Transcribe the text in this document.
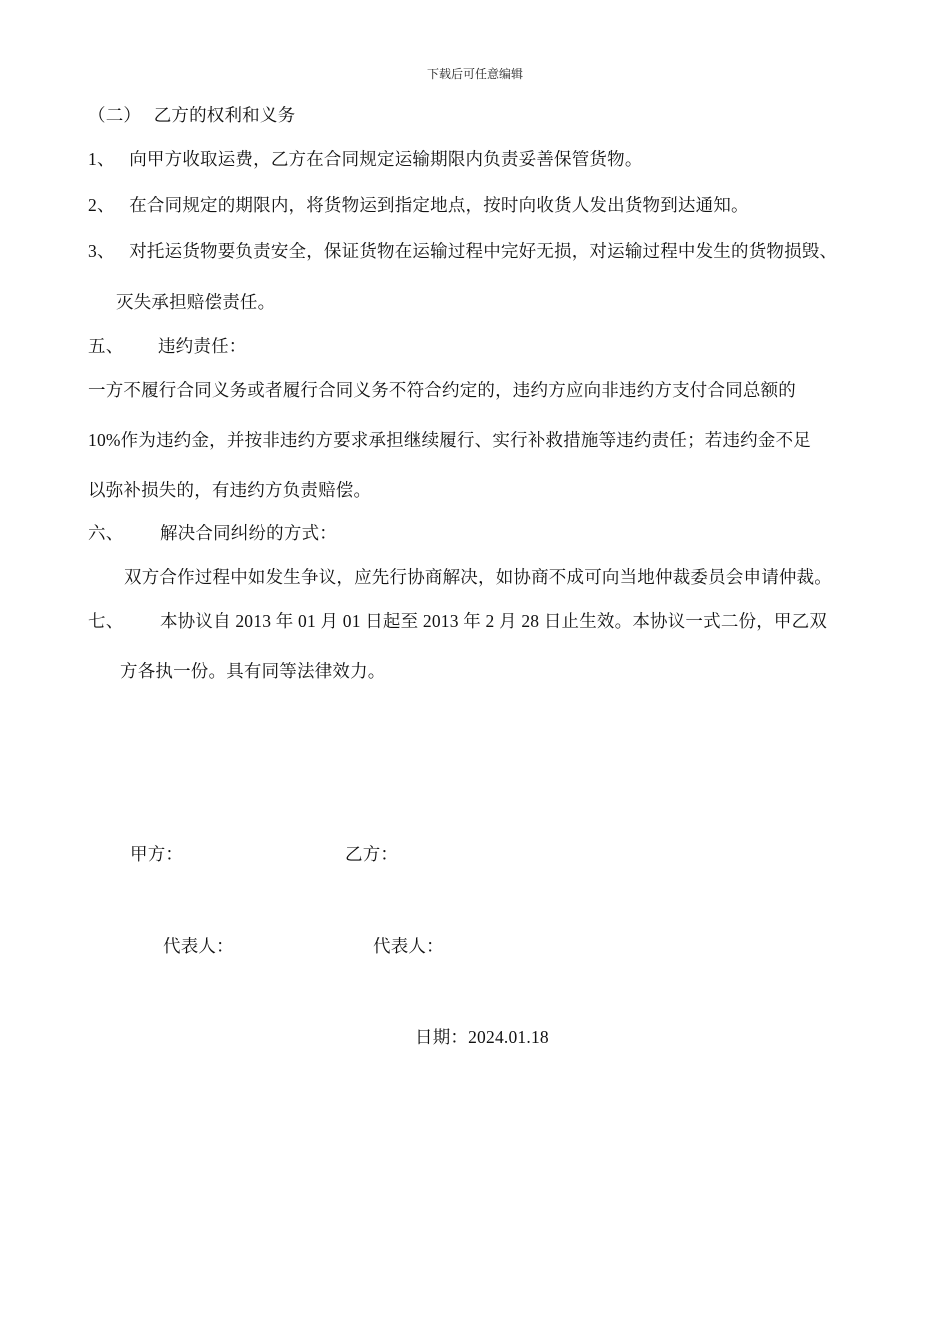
下载后可任意编辑
（二） 乙方的权利和义务
1、 向甲方收取运费，乙方在合同规定运输期限内负责妥善保管货物。
2、 在合同规定的期限内，将货物运到指定地点，按时向收货人发出货物到达通知。
3、 对托运货物要负责安全，保证货物在运输过程中完好无损，对运输过程中发生的货物损毁、
灭失承担赔偿责任。
五、 违约责任：
一方不履行合同义务或者履行合同义务不符合约定的，违约方应向非违约方支付合同总额的
10%作为违约金，并按非违约方要求承担继续履行、实行补救措施等违约责任；若违约金不足
以弥补损失的，有违约方负责赔偿。
六、 解决合同纠纷的方式：
双方合作过程中如发生争议，应先行协商解决，如协商不成可向当地仲裁委员会申请仲裁。
七、 本协议自 2013 年 01 月 01 日起至 2013 年 2 月 28 日止生效。本协议一式二份，甲乙双
方各执一份。具有同等法律效力。
甲方：	乙方：
代表人：	代表人：
日期：2024.01.18
